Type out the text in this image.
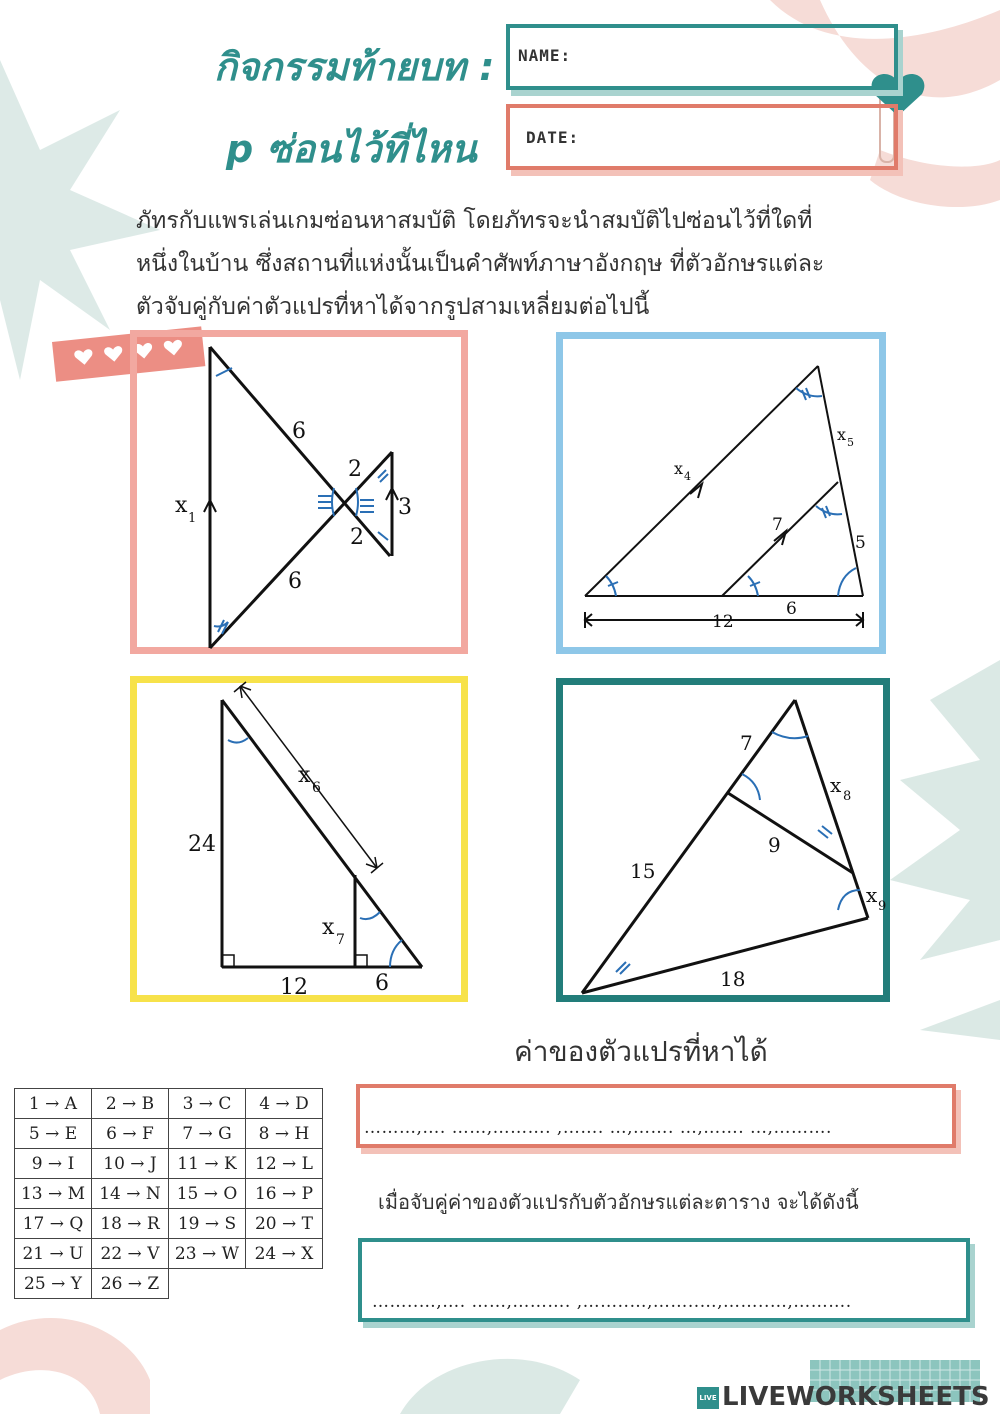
กิจกรรมท้ายบท :
p ซ่อนไว้ที่ไหน
NAME:
DATE:
ภัทรกับแพรเล่นเกมซ่อนหาสมบัติ โดยภัทรจะนำสมบัติไปซ่อนไว้ที่ใดที่
หนึ่งในบ้าน ซึ่งสถานที่แห่งนั้นเป็นคำศัพท์ภาษาอังกฤษ ที่ตัวอักษรแต่ละ
ตัวจับคู่กับค่าตัวแปรที่หาได้จากรูปสามเหลี่ยมต่อไปนี้
x
1
6
6
2
2
3
x 4
x 5
7
5
12
6
x 6
x 7
24
12	6
7
x 8
9
15
x 9
18
ค่าของตัวแปรที่หาได้
1 → A	2 → B	3 → C	4 → D
5 → E	6 → F	7 → G	8 → H
9 → I	10 → J	11 → K	12 → L
13 → M	14 → N	15 → O	16 → P
17 → Q	18 → R	19 → S	20 → T
21 → U	22 → V	23 → W	24 → X
25 → Y	26 → Z		
………,…. ……,………. ,……. …,……. …,……. …,……….
เมื่อจับคู่ค่าของตัวแปรกับตัวอักษรแต่ละตาราง จะได้ดังนี้
……..…,…. ……,………. ,……..…,……..…,……..…,……….
LIVE LIVEWORKSHEETS
